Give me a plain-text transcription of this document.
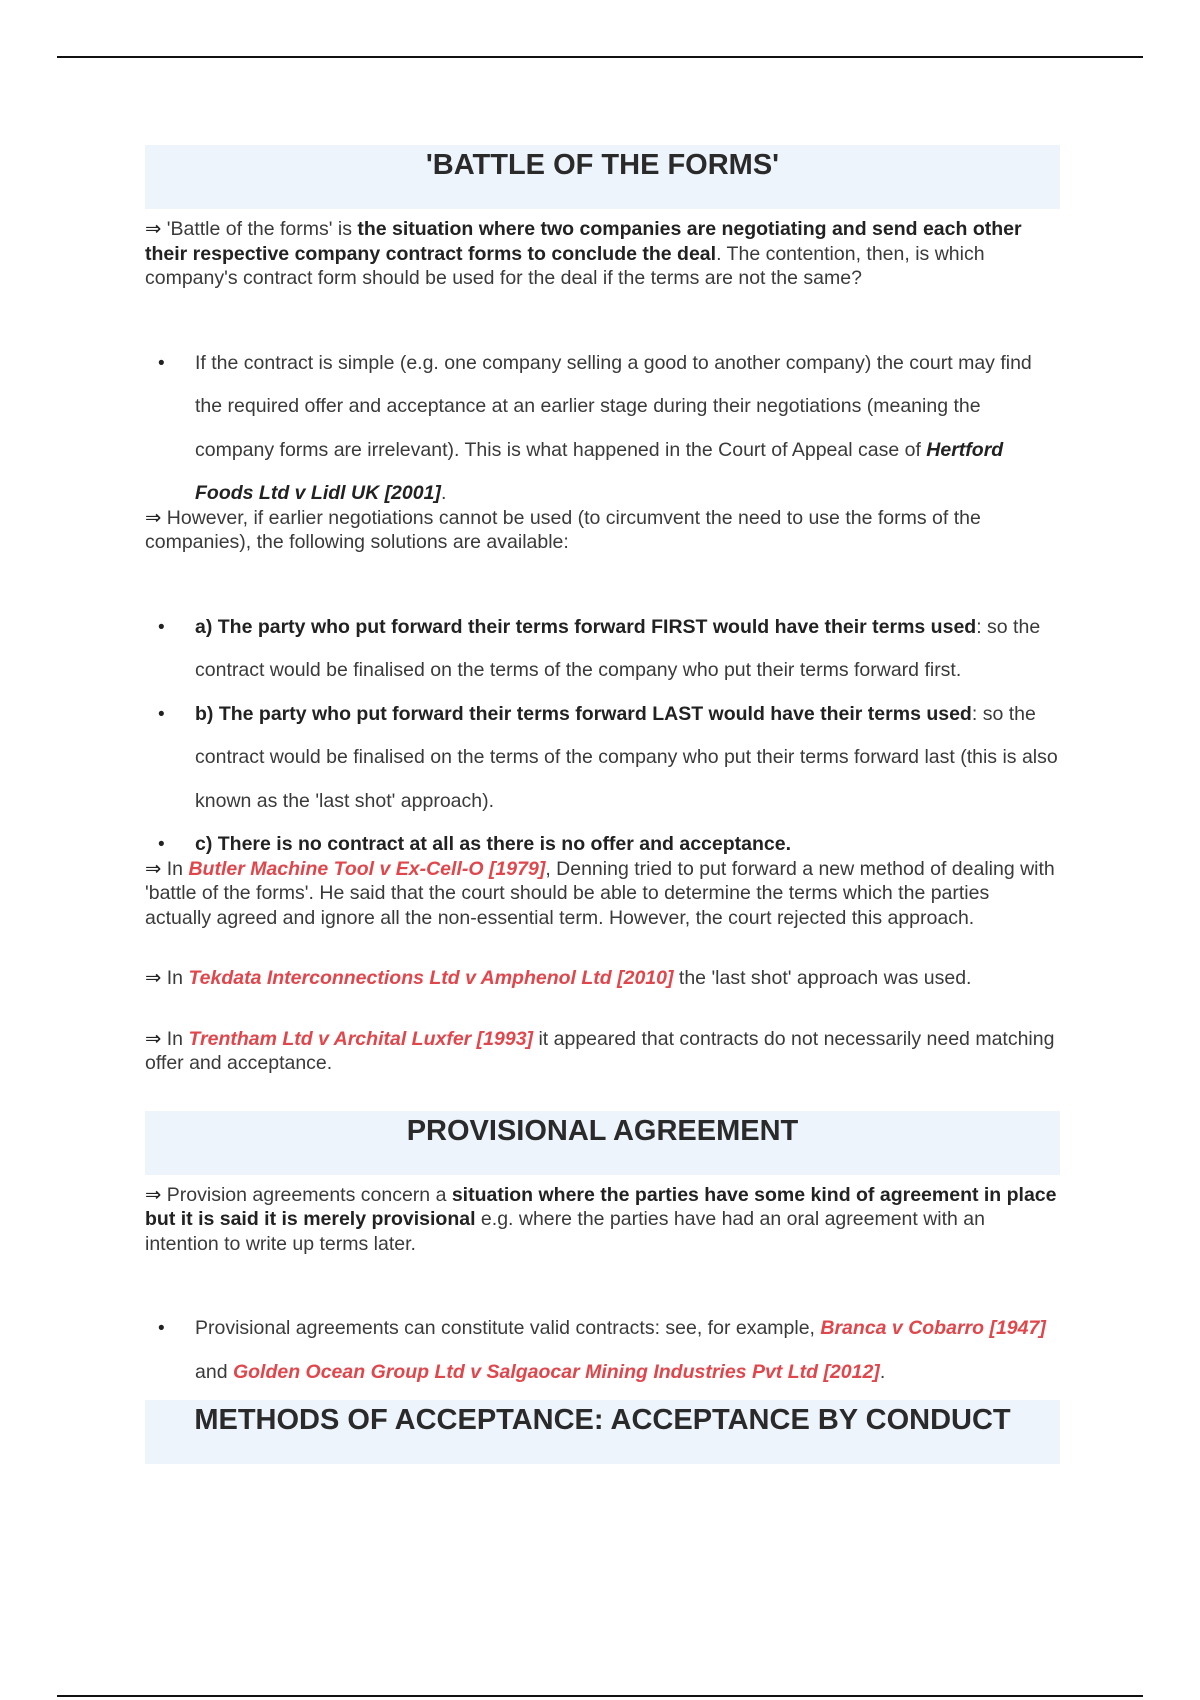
'BATTLE OF THE FORMS'

⇒ 'Battle of the forms' is the situation where two companies are negotiating and send each other their respective company contract forms to conclude the deal. The contention, then, is which company's contract form should be used for the deal if the terms are not the same?

• If the contract is simple (e.g. one company selling a good to another company) the court may find the required offer and acceptance at an earlier stage during their negotiations (meaning the company forms are irrelevant). This is what happened in the Court of Appeal case of Hertford Foods Ltd v Lidl UK [2001].

⇒ However, if earlier negotiations cannot be used (to circumvent the need to use the forms of the companies), the following solutions are available:

• a) The party who put forward their terms forward FIRST would have their terms used: so the contract would be finalised on the terms of the company who put their terms forward first.
• b) The party who put forward their terms forward LAST would have their terms used: so the contract would be finalised on the terms of the company who put their terms forward last (this is also known as the 'last shot' approach).
• c) There is no contract at all as there is no offer and acceptance.

⇒ In Butler Machine Tool v Ex-Cell-O [1979], Denning tried to put forward a new method of dealing with 'battle of the forms'. He said that the court should be able to determine the terms which the parties actually agreed and ignore all the non-essential term. However, the court rejected this approach.

⇒ In Tekdata Interconnections Ltd v Amphenol Ltd [2010] the 'last shot' approach was used.

⇒ In Trentham Ltd v Archital Luxfer [1993] it appeared that contracts do not necessarily need matching offer and acceptance.

PROVISIONAL AGREEMENT

⇒ Provision agreements concern a situation where the parties have some kind of agreement in place but it is said it is merely provisional e.g. where the parties have had an oral agreement with an intention to write up terms later.

• Provisional agreements can constitute valid contracts: see, for example, Branca v Cobarro [1947] and Golden Ocean Group Ltd v Salgaocar Mining Industries Pvt Ltd [2012].
METHODS OF ACCEPTANCE: ACCEPTANCE BY CONDUCT
